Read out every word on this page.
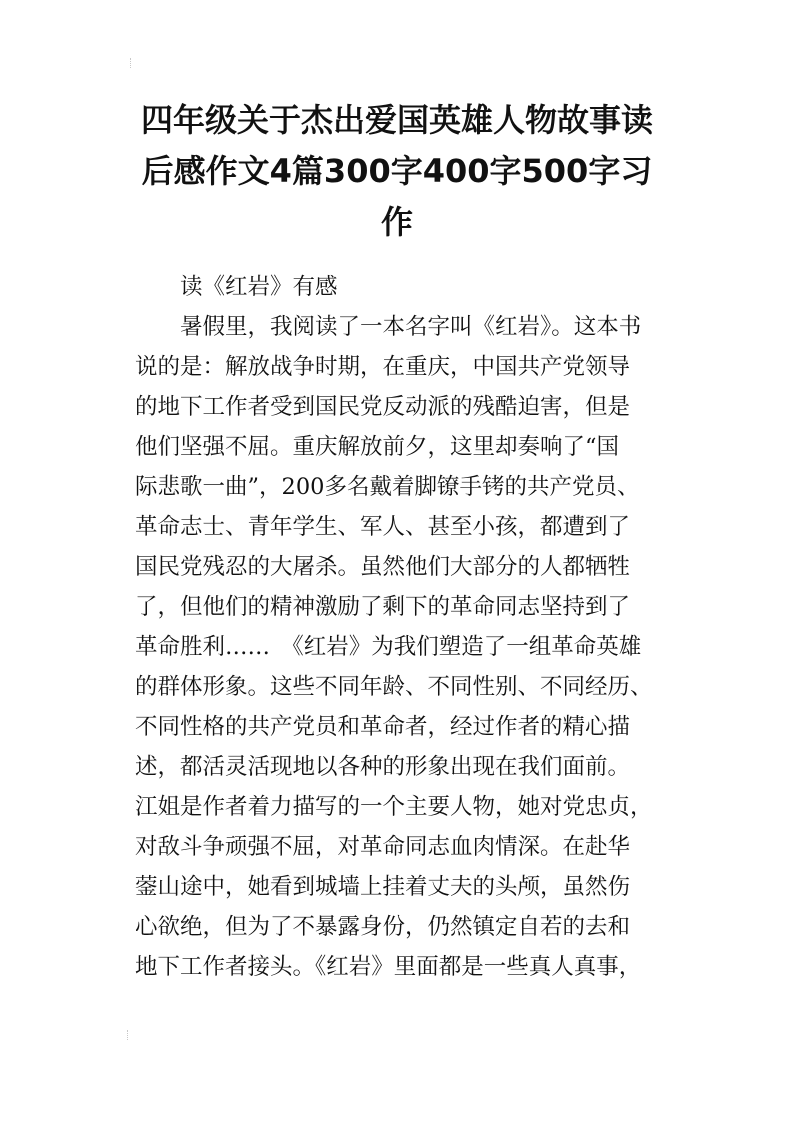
四年级关于杰出爱国英雄人物故事读
后感作文4篇300字400字500字习
作
读《红岩》有感
暑假里，我阅读了一本名字叫《红岩》。这本书
说的是：解放战争时期，在重庆，中国共产党领导
的地下工作者受到国民党反动派的残酷迫害，但是
他们坚强不屈。重庆解放前夕，这里却奏响了“国
际悲歌一曲”，200多名戴着脚镣手铐的共产党员、
革命志士、青年学生、军人、甚至小孩，都遭到了
国民党残忍的大屠杀。虽然他们大部分的人都牺牲
了，但他们的精神激励了剩下的革命同志坚持到了
革命胜利……　《红岩》为我们塑造了一组革命英雄
的群体形象。这些不同年龄、不同性别、不同经历、
不同性格的共产党员和革命者，经过作者的精心描
述，都活灵活现地以各种的形象出现在我们面前。
江姐是作者着力描写的一个主要人物，她对党忠贞，
对敌斗争顽强不屈，对革命同志血肉情深。在赴华
蓥山途中，她看到城墙上挂着丈夫的头颅，虽然伤
心欲绝，但为了不暴露身份，仍然镇定自若的去和
地下工作者接头。《红岩》里面都是一些真人真事，
